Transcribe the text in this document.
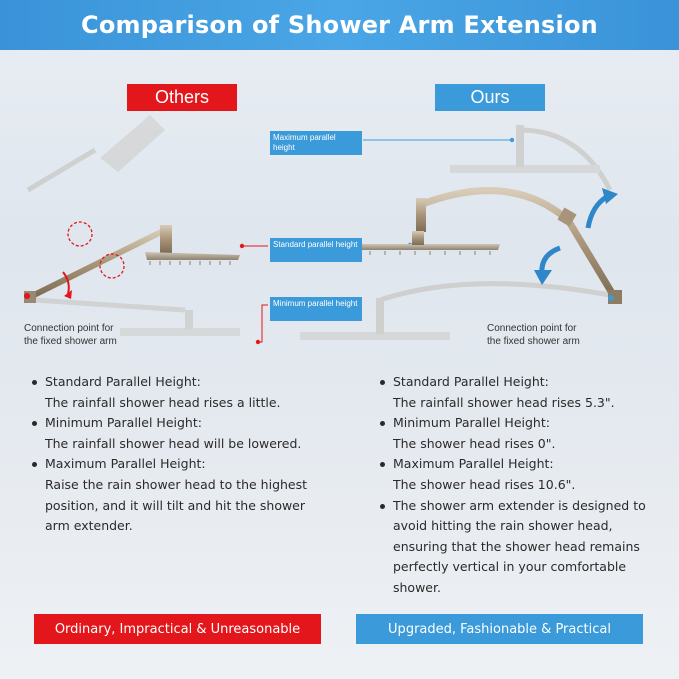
Comparison of Shower Arm Extension
Others	Ours
Maximum parallel height
Standard parallel height
Minimum parallel height
Connection point for
the fixed shower arm
Connection point for
the fixed shower arm
Standard Parallel Height:
The rainfall shower head rises a little.
Minimum Parallel Height:
The rainfall shower head will be lowered.
Maximum Parallel Height:
Raise the rain shower head to the highest position, and it will tilt and hit the shower arm extender.
Standard Parallel Height:
The rainfall shower head rises 5.3".
Minimum Parallel Height:
The shower head rises 0".
Maximum Parallel Height:
The shower head rises 10.6".
The shower arm extender is designed to avoid hitting the rain shower head, ensuring that the shower head remains perfectly vertical in your comfortable shower.
Ordinary, Impractical & Unreasonable	Upgraded, Fashionable & Practical
